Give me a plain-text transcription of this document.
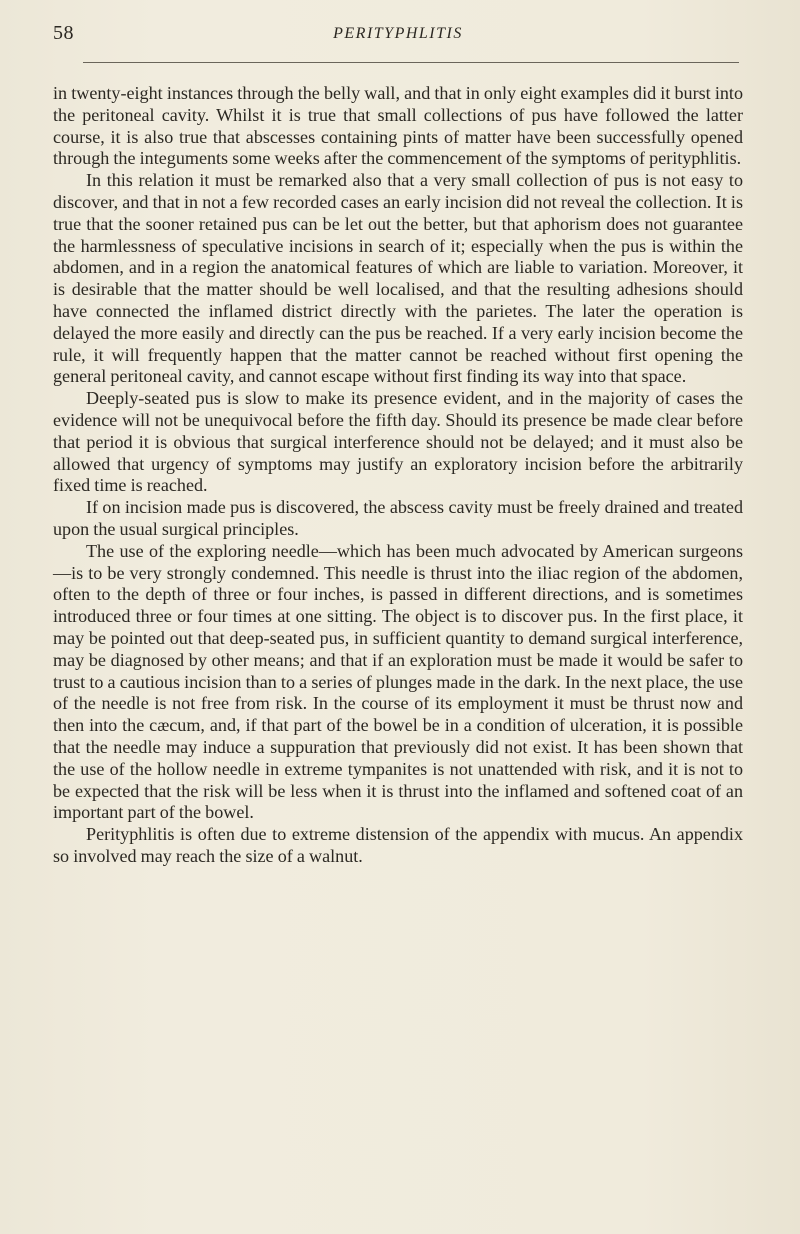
58	PERITYPHLITIS

in twenty-eight instances through the belly wall, and that in only eight examples did it burst into the peritoneal cavity. Whilst it is true that small collections of pus have followed the latter course, it is also true that abscesses containing pints of matter have been successfully opened through the integuments some weeks after the commencement of the symptoms of perityphlitis.

In this relation it must be remarked also that a very small collection of pus is not easy to discover, and that in not a few recorded cases an early incision did not reveal the collection. It is true that the sooner retained pus can be let out the better, but that aphorism does not guarantee the harmlessness of speculative incisions in search of it; especially when the pus is within the abdomen, and in a region the anatomical features of which are liable to variation. Moreover, it is desirable that the matter should be well localised, and that the resulting adhesions should have connected the inflamed district directly with the parietes. The later the operation is delayed the more easily and directly can the pus be reached. If a very early incision become the rule, it will frequently happen that the matter cannot be reached without first opening the general peritoneal cavity, and cannot escape without first finding its way into that space.

Deeply-seated pus is slow to make its presence evident, and in the majority of cases the evidence will not be unequivocal before the fifth day. Should its presence be made clear before that period it is obvious that surgical interference should not be delayed; and it must also be allowed that urgency of symptoms may justify an exploratory incision before the arbitrarily fixed time is reached.

If on incision made pus is discovered, the abscess cavity must be freely drained and treated upon the usual surgical principles.

The use of the exploring needle—which has been much advocated by American surgeons—is to be very strongly condemned. This needle is thrust into the iliac region of the abdomen, often to the depth of three or four inches, is passed in different directions, and is sometimes introduced three or four times at one sitting. The object is to discover pus. In the first place, it may be pointed out that deep-seated pus, in sufficient quantity to demand surgical interference, may be diagnosed by other means; and that if an exploration must be made it would be safer to trust to a cautious incision than to a series of plunges made in the dark. In the next place, the use of the needle is not free from risk. In the course of its employment it must be thrust now and then into the cæcum, and, if that part of the bowel be in a condition of ulceration, it is possible that the needle may induce a suppuration that previously did not exist. It has been shown that the use of the hollow needle in extreme tympanites is not unattended with risk, and it is not to be expected that the risk will be less when it is thrust into the inflamed and softened coat of an important part of the bowel.

Perityphlitis is often due to extreme distension of the appendix with mucus. An appendix so involved may reach the size of a walnut.
